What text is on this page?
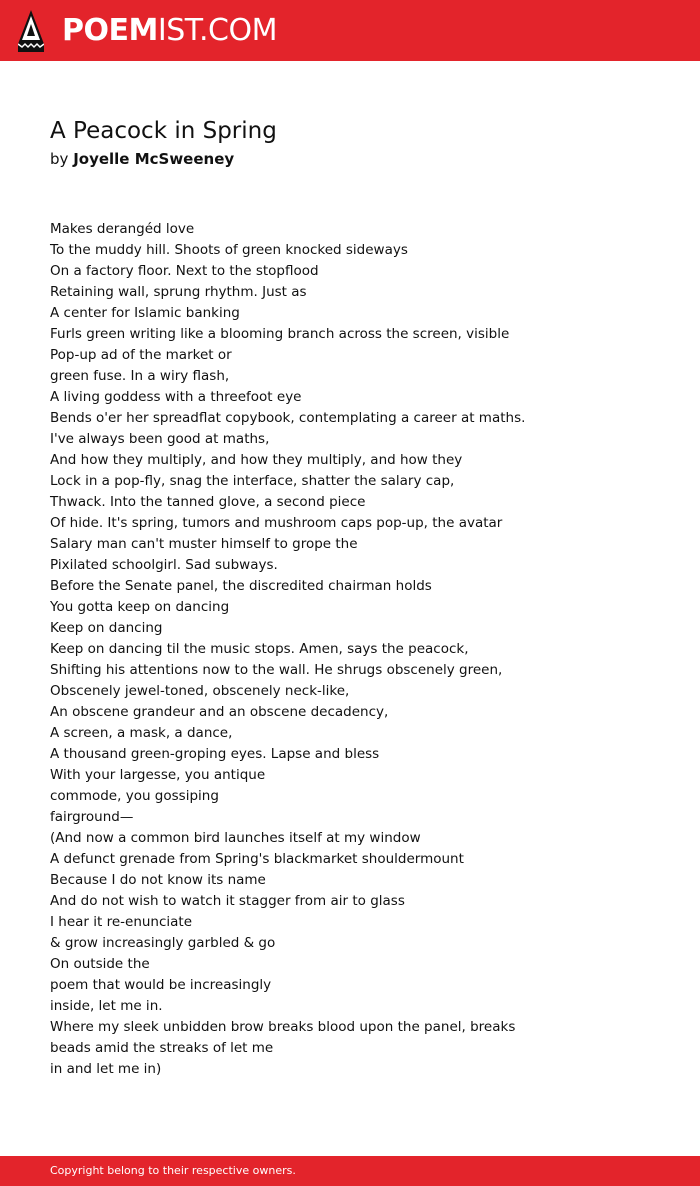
POEMIST.COM
A Peacock in Spring
by Joyelle McSweeney
Makes derangéd love
To the muddy hill. Shoots of green knocked sideways
On a factory floor. Next to the stopflood
Retaining wall, sprung rhythm. Just as
A center for Islamic banking
Furls green writing like a blooming branch across the screen, visible
Pop-up ad of the market or
green fuse. In a wiry flash,
A living goddess with a threefoot eye
Bends o'er her spreadflat copybook, contemplating a career at maths.
I've always been good at maths,
And how they multiply, and how they multiply, and how they
Lock in a pop-fly, snag the interface, shatter the salary cap,
Thwack. Into the tanned glove, a second piece
Of hide. It's spring, tumors and mushroom caps pop-up, the avatar
Salary man can't muster himself to grope the
Pixilated schoolgirl. Sad subways.
Before the Senate panel, the discredited chairman holds
You gotta keep on dancing
Keep on dancing
Keep on dancing til the music stops. Amen, says the peacock,
Shifting his attentions now to the wall. He shrugs obscenely green,
Obscenely jewel-toned, obscenely neck-like,
An obscene grandeur and an obscene decadency,
A screen, a mask, a dance,
A thousand green-groping eyes. Lapse and bless
With your largesse, you antique
commode, you gossiping
fairground—
(And now a common bird launches itself at my window
A defunct grenade from Spring's blackmarket shouldermount
Because I do not know its name
And do not wish to watch it stagger from air to glass
I hear it re-enunciate
& grow increasingly garbled & go
On outside the
poem that would be increasingly
inside, let me in.
Where my sleek unbidden brow breaks blood upon the panel, breaks
beads amid the streaks of let me
in and let me in)
Copyright belong to their respective owners.
